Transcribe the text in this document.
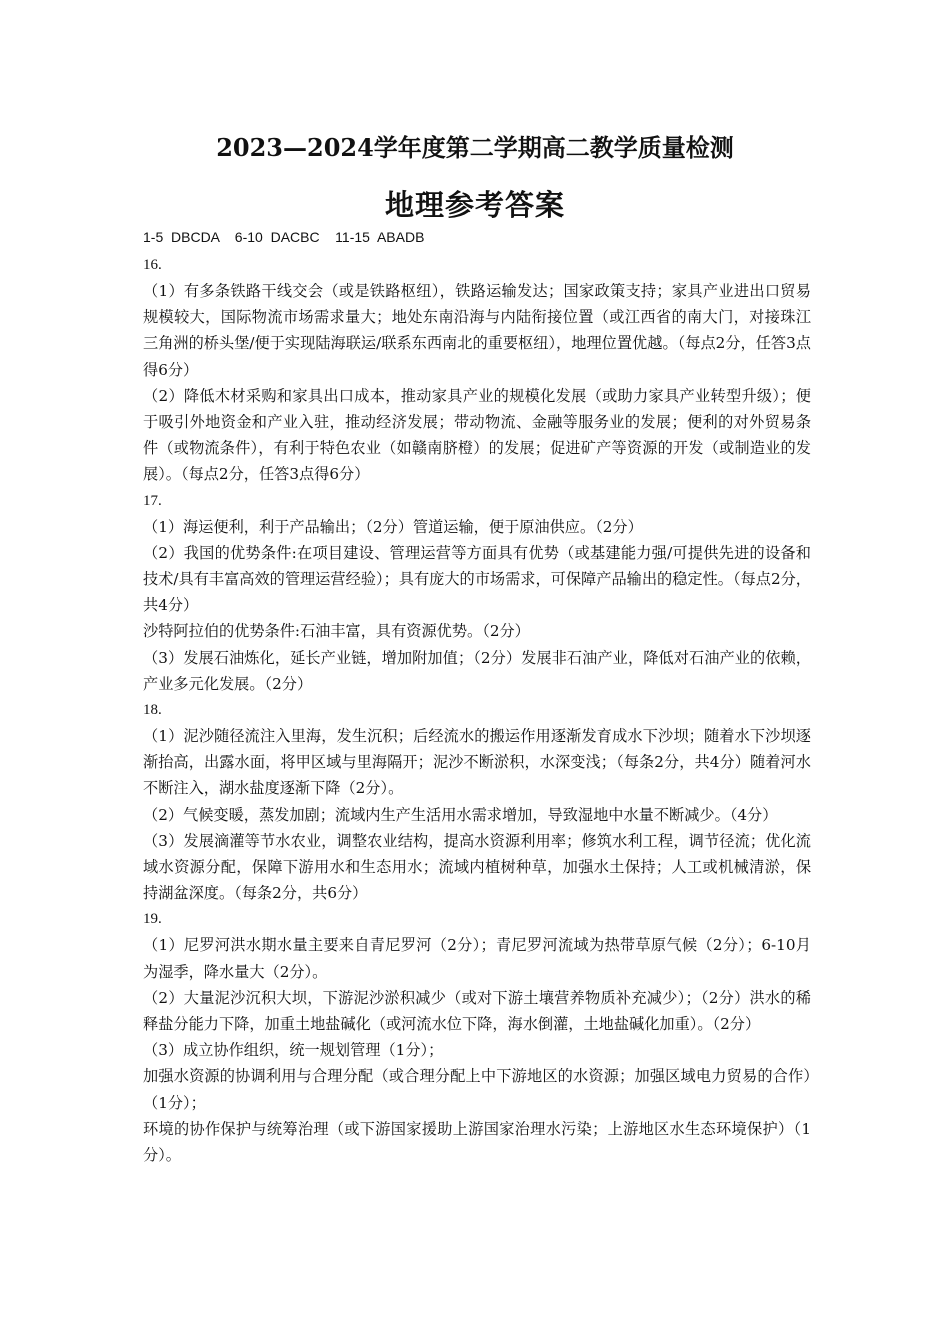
2023—2024学年度第二学期高二教学质量检测
地理参考答案
1-5  DBCDA    6-10  DACBC    11-15  ABADB
16.
（1）有多条铁路干线交会（或是铁路枢纽），铁路运输发达；国家政策支持；家具产业进出口贸易规模较大，国际物流市场需求量大；地处东南沿海与内陆衔接位置（或江西省的南大门，对接珠江三角洲的桥头堡/便于实现陆海联运/联系东西南北的重要枢纽），地理位置优越。（每点2分，任答3点得6分）
（2）降低木材采购和家具出口成本，推动家具产业的规模化发展（或助力家具产业转型升级）；便于吸引外地资金和产业入驻，推动经济发展；带动物流、金融等服务业的发展；便利的对外贸易条件（或物流条件），有利于特色农业（如赣南脐橙）的发展；促进矿产等资源的开发（或制造业的发展）。（每点2分，任答3点得6分）
17.
（1）海运便利，利于产品输出；（2分）管道运输，便于原油供应。（2分）
（2）我国的优势条件:在项目建设、管理运营等方面具有优势（或基建能力强/可提供先进的设备和技术/具有丰富高效的管理运营经验）；具有庞大的市场需求，可保障产品输出的稳定性。（每点2分，共4分）
沙特阿拉伯的优势条件:石油丰富，具有资源优势。（2分）
（3）发展石油炼化，延长产业链，增加附加值；（2分）发展非石油产业，降低对石油产业的依赖，产业多元化发展。（2分）
18.
（1）泥沙随径流注入里海，发生沉积；后经流水的搬运作用逐渐发育成水下沙坝；随着水下沙坝逐渐抬高，出露水面，将甲区域与里海隔开；泥沙不断淤积，水深变浅；（每条2分，共4分）随着河水不断注入，湖水盐度逐渐下降（2分）。
（2）气候变暖，蒸发加剧；流域内生产生活用水需求增加，导致湿地中水量不断减少。（4分）
（3）发展滴灌等节水农业，调整农业结构，提高水资源利用率；修筑水利工程，调节径流；优化流域水资源分配，保障下游用水和生态用水；流域内植树种草，加强水土保持；人工或机械清淤，保持湖盆深度。（每条2分，共6分）
19.
（1）尼罗河洪水期水量主要来自青尼罗河（2分）；青尼罗河流域为热带草原气候（2分）；6-10月为湿季，降水量大（2分）。
（2）大量泥沙沉积大坝，下游泥沙淤积减少（或对下游土壤营养物质补充减少）；（2分）洪水的稀释盐分能力下降，加重土地盐碱化（或河流水位下降，海水倒灌，土地盐碱化加重）。（2分）
（3）成立协作组织，统一规划管理（1分）；
加强水资源的协调利用与合理分配（或合理分配上中下游地区的水资源；加强区域电力贸易的合作）（1分）；
环境的协作保护与统筹治理（或下游国家援助上游国家治理水污染；上游地区水生态环境保护）（1分）。
